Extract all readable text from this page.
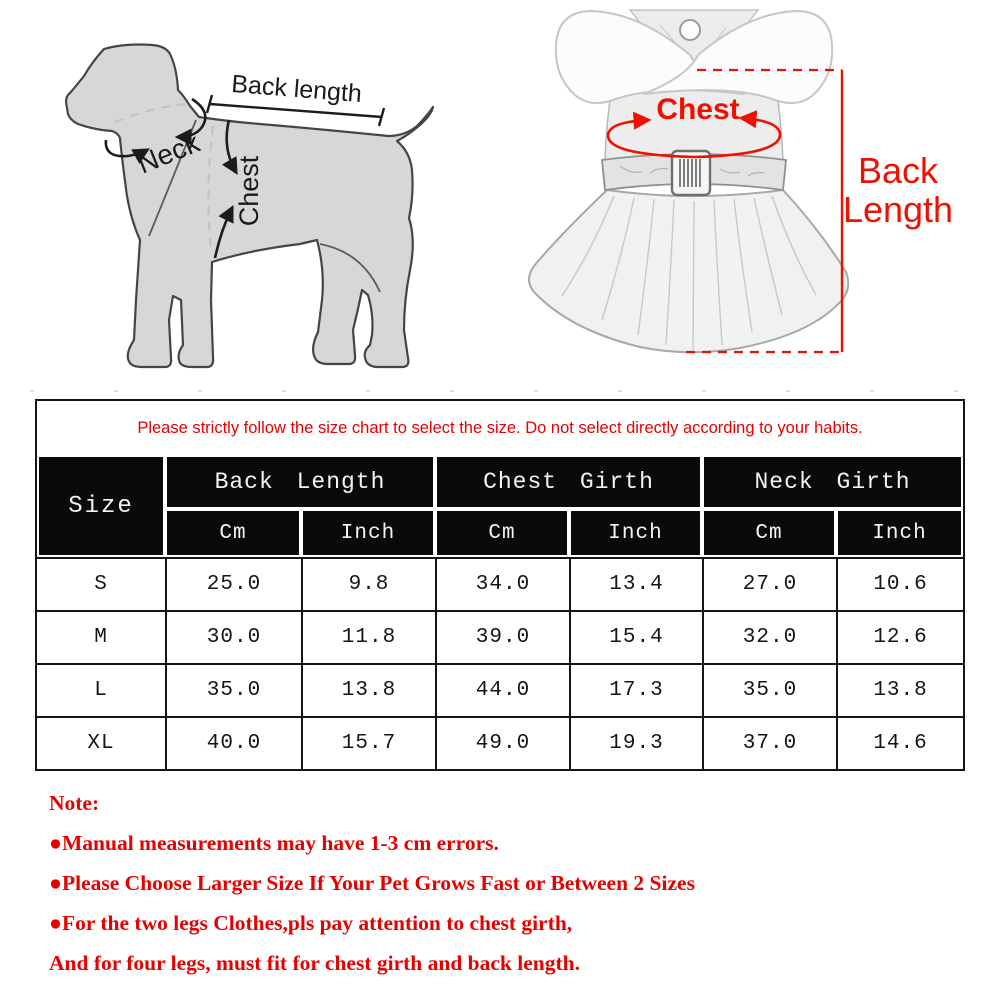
Back length
Neck
Chest
Chest
Back
Length
Please strictly follow the size chart to select the size. Do not select directly according to your habits.						
Size	Back Length		Chest Girth		Neck Girth	
	Cm	Inch	Cm	Inch	Cm	Inch
S	25.0	9.8	34.0	13.4	27.0	10.6
M	30.0	11.8	39.0	15.4	32.0	12.6
L	35.0	13.8	44.0	17.3	35.0	13.8
XL	40.0	15.7	49.0	19.3	37.0	14.6
Note:
●Manual measurements may have 1-3 cm errors.
●Please Choose Larger Size If Your Pet Grows Fast or Between 2 Sizes
●For the two legs Clothes,pls pay attention to chest girth,
And for four legs, must fit for chest girth and back length.
